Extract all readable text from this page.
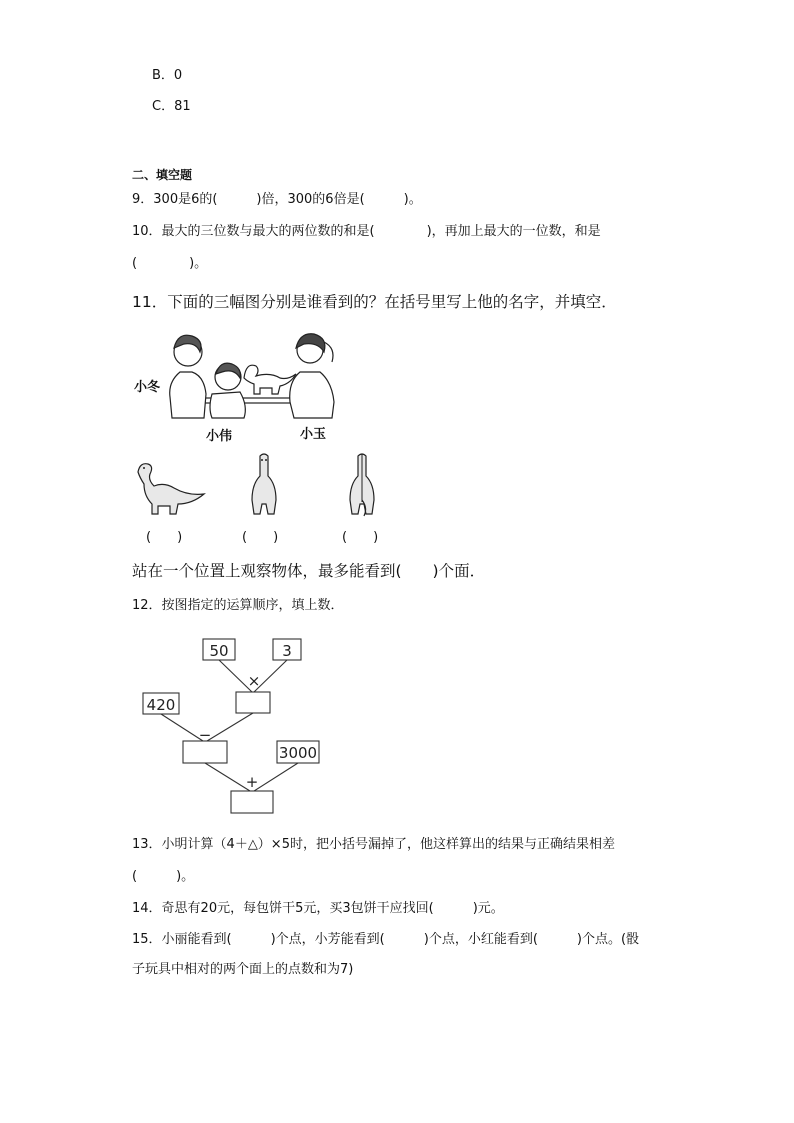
B．0
C．81
二、填空题
9．300是6的(　　　)倍，300的6倍是(　　　)。
10．最大的三位数与最大的两位数的和是(　　　　)，再加上最大的一位数，和是
(　　　　)。
11．下面的三幅图分别是谁看到的？在括号里写上他的名字，并填空．
小冬
小伟	小玉
(　　)	(　　)	(　　)
站在一个位置上观察物体，最多能看到(　　)个面．
12．按图指定的运算顺序，填上数．
50	3
420
3000
×
−
+
13．小明计算（4＋△）×5时，把小括号漏掉了，他这样算出的结果与正确结果相差
(　　　)。
14．奇思有20元，每包饼干5元，买3包饼干应找回(　　　)元。
15．小丽能看到(　　　)个点，小芳能看到(　　　)个点，小红能看到(　　　)个点。(骰
子玩具中相对的两个面上的点数和为7)
